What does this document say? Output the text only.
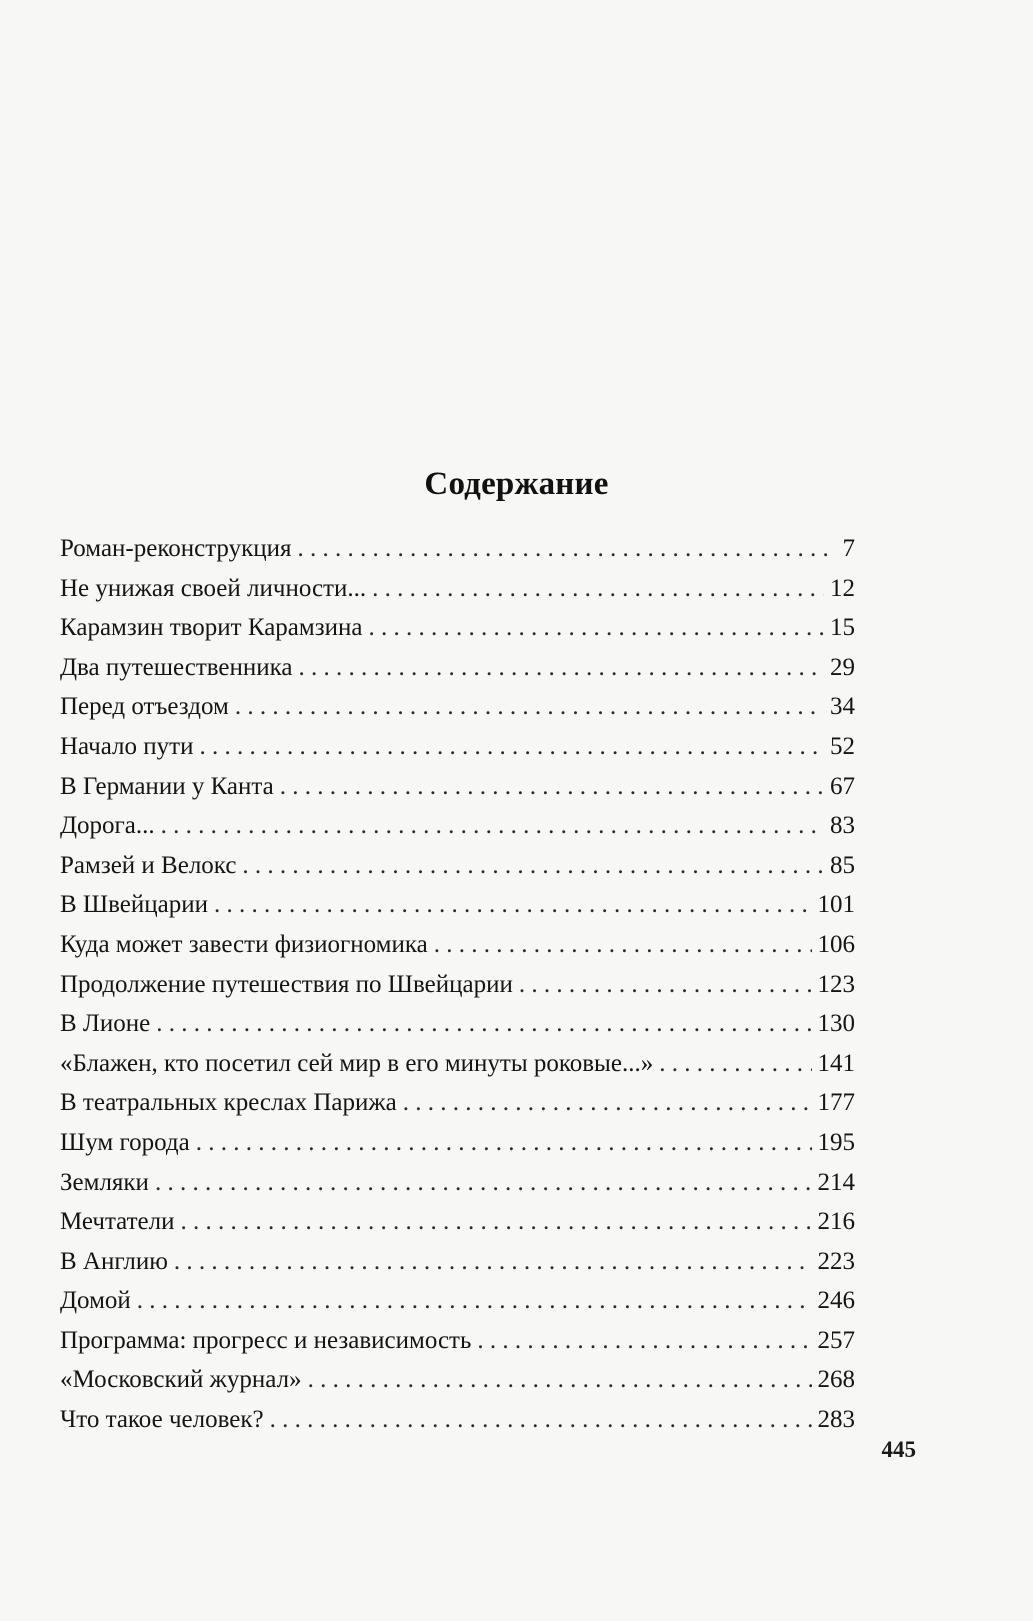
Содержание
Роман-реконструкция . . .	7
Не унижая своей личности... . . .	12
Карамзин творит Карамзина . . .	15
Два путешественника . . .	29
Перед отъездом . . .	34
Начало пути . . .	52
В Германии у Канта . . .	67
Дорога... . . .	83
Рамзей и Велокс . . .	85
В Швейцарии . . .	101
Куда может завести физиогномика . . .	106
Продолжение путешествия по Швейцарии . . .	123
В Лионе . . .	130
«Блажен, кто посетил сей мир в его минуты роковые...» . . .	141
В театральных креслах Парижа . . .	177
Шум города . . .	195
Земляки . . .	214
Мечтатели . . .	216
В Англию . . .	223
Домой . . .	246
Программа: прогресс и независимость . . .	257
«Московский журнал» . . .	268
Что такое человек? . . .	283
445
